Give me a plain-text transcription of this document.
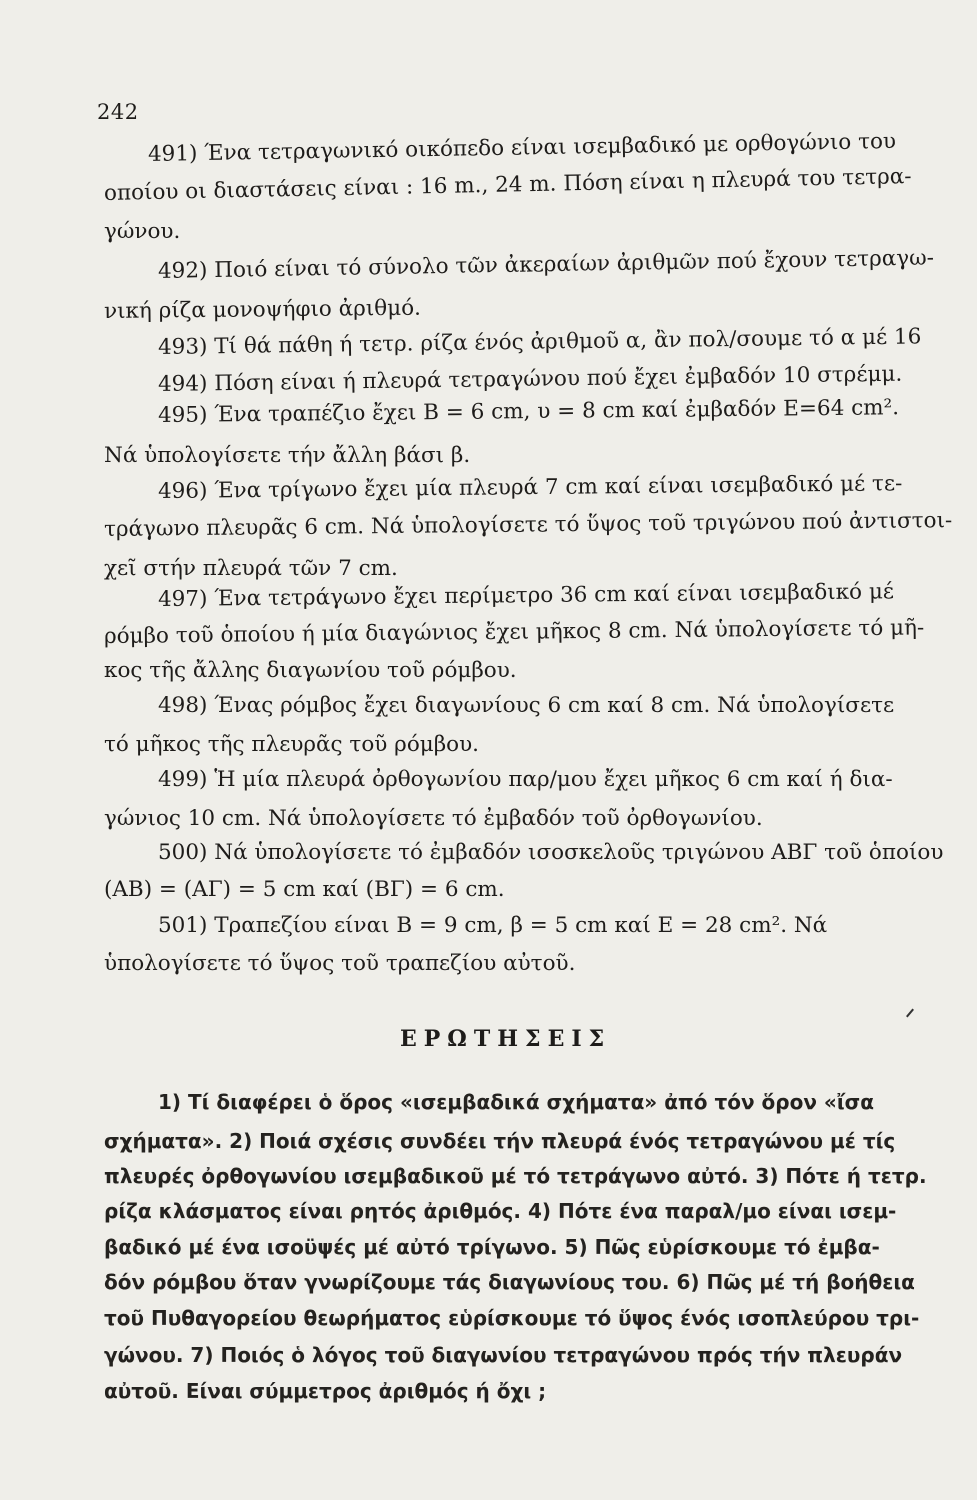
242
491) Ένα τετραγωνικό οικόπεδο είναι ισεμβαδικό με ορθογώνιο του
οποίου οι διαστάσεις είναι : 16 m., 24 m. Πόση είναι η πλευρά του τετρα-
γώνου.
492) Ποιό είναι τό σύνολο τῶν ἀκεραίων ἀριθμῶν πού ἔχουν τετραγω-
νική ρίζα μονοψήφιο ἀριθμό.
493) Τί θά πάθη ή τετρ. ρίζα ένός ἀριθμοῦ α, ἂν πολ/σουμε τό α μέ 16
494) Πόση είναι ή πλευρά τετραγώνου πού ἔχει ἐμβαδόν 10 στρέμμ.
495) Ένα τραπέζιο ἔχει Β = 6 cm, υ = 8 cm καί ἐμβαδόν Ε=64 cm².
Νά ὑπολογίσετε τήν ἄλλη βάσι β.
496) Ένα τρίγωνο ἔχει μία πλευρά 7 cm καί είναι ισεμβαδικό μέ τε-
τράγωνο πλευρᾶς 6 cm. Νά ὑπολογίσετε τό ὕψος τοῦ τριγώνου πού ἀντιστοι-
χεῖ στήν πλευρά τῶν 7 cm.
497) Ένα τετράγωνο ἔχει περίμετρο 36 cm καί είναι ισεμβαδικό μέ
ρόμβο τοῦ ὁποίου ή μία διαγώνιος ἔχει μῆκος 8 cm. Νά ὑπολογίσετε τό μῆ-
κος τῆς ἄλλης διαγωνίου τοῦ ρόμβου.
498) Ένας ρόμβος ἔχει διαγωνίους 6 cm καί 8 cm. Νά ὑπολογίσετε
τό μῆκος τῆς πλευρᾶς τοῦ ρόμβου.
499) Ἡ μία πλευρά ὀρθογωνίου παρ/μου ἔχει μῆκος 6 cm καί ή δια-
γώνιος 10 cm. Νά ὑπολογίσετε τό ἐμβαδόν τοῦ ὀρθογωνίου.
500) Νά ὑπολογίσετε τό ἐμβαδόν ισοσκελοῦς τριγώνου ΑΒΓ τοῦ ὁποίου
(ΑΒ) = (ΑΓ) = 5 cm καί (ΒΓ) = 6 cm.
501) Τραπεζίου είναι Β = 9 cm, β = 5 cm καί Ε = 28 cm². Νά
ὑπολογίσετε τό ὕψος τοῦ τραπεζίου αὐτοῦ.
ΕΡΩΤΗΣΕΙΣ
1) Τί διαφέρει ὁ ὅρος «ισεμβαδικά σχήματα» ἀπό τόν ὅρον «ἴσα
σχήματα». 2) Ποιά σχέσις συνδέει τήν πλευρά ένός τετραγώνου μέ τίς
πλευρές ὀρθογωνίου ισεμβαδικοῦ μέ τό τετράγωνο αὐτό. 3) Πότε ή τετρ.
ρίζα κλάσματος είναι ρητός ἀριθμός. 4) Πότε ένα παραλ/μο είναι ισεμ-
βαδικό μέ ένα ισοϋψές μέ αὐτό τρίγωνο. 5) Πῶς εὑρίσκουμε τό ἐμβα-
δόν ρόμβου ὅταν γνωρίζουμε τάς διαγωνίους του. 6) Πῶς μέ τή βοήθεια
τοῦ Πυθαγορείου θεωρήματος εὑρίσκουμε τό ὕψος ένός ισοπλεύρου τρι-
γώνου. 7) Ποιός ὁ λόγος τοῦ διαγωνίου τετραγώνου πρός τήν πλευράν
αὐτοῦ. Είναι σύμμετρος ἀριθμός ή ὄχι ;
